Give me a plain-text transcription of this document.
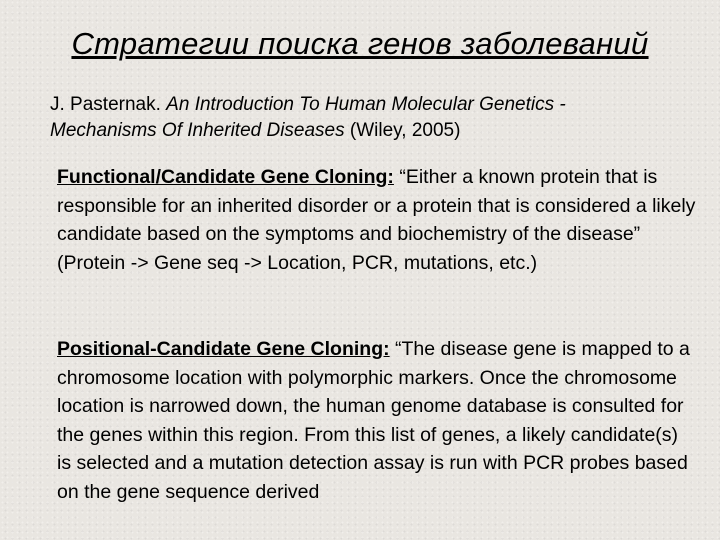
Стратегии поиска генов заболеваний
J. Pasternak. An Introduction To Human Molecular Genetics - Mechanisms Of Inherited Diseases (Wiley, 2005)
Functional/Candidate Gene Cloning: “Either a known protein that is responsible for an inherited disorder or a protein that is considered a likely candidate based on the symptoms and biochemistry of the disease” (Protein -> Gene seq -> Location, PCR, mutations, etc.)
Positional-Candidate Gene Cloning: “The disease gene is mapped to a chromosome location with polymorphic markers. Once the chromosome location is narrowed down, the human genome database is consulted for the genes within this region. From this list of genes, a likely candidate(s) is selected and a mutation detection assay is run with PCR probes based on the gene sequence derived
